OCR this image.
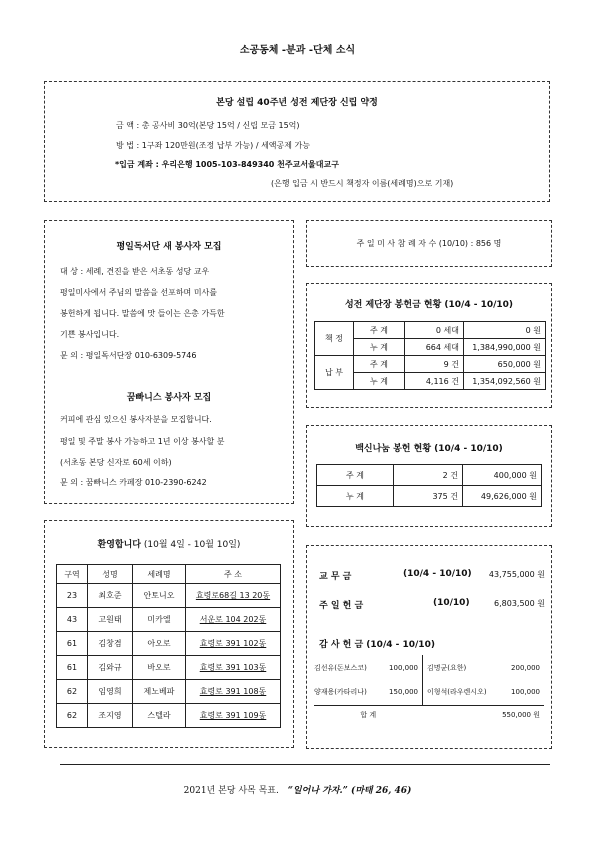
소공동체 -분과 -단체 소식
본당 설립 40주년 성전 제단장 신립 약정
금 액 : 총 공사비 30억(본당 15억 / 신립 모금 15억)
방 법 : 1구좌 120만원(조정 납부 가능) / 세액공제 가능
*입금 계좌 : 우리은행 1005-103-849340 천주교서울대교구
(은행 입금 시 반드시 책정자 이름(세례명)으로 기재)
평일독서단 새 봉사자 모집
대 상 : 세례, 견진을 받은 서초동 성당 교우
평일미사에서 주님의 말씀을 선포하며 미사를
봉헌하게 됩니다. 말씀에 맛 들이는 은총 가득한
기쁜 봉사입니다.
문 의 : 평일독서단장 010-6309-5746
꿈빠니스 봉사자 모집
커피에 관심 있으신 봉사자분을 모집합니다.
평일 및 주말 봉사 가능하고 1년 이상 봉사할 분
(서초동 본당 신자로 60세 이하)
문 의 : 꿈빠니스 카페장 010-2390-6242
주 일 미 사 참 례 자 수 (10/10) : 856 명
성전 제단장 봉헌금 현황 (10/4 - 10/10)
책 정	주 계	0 세대	0 원
	누 계	664 세대	1,384,990,000 원
납 부	주 계	9 건	650,000 원
	누 계	4,116 건	1,354,092,560 원
백신나눔 봉헌 현황 (10/4 - 10/10)
주 계	2 건	400,000 원
누 계	375 건	49,626,000 원
환영합니다 (10월 4일 - 10월 10일)
구역	성명	세례명	주 소
23	최호준	안토니오	효령로68길 13 20동
43	고원태	미카엘	서운로 104 202동
61	김창겸	아오로	효령로 391 102동
61	김와규	바오로	효령로 391 103동
62	임영희	제노베파	효령로 391 108동
62	조지영	스텔라	효령로 391 109동
교 무 금	(10/4 - 10/10)	43,755,000 원
주 일 헌 금	(10/10)	6,803,500 원
감 사 헌 금 (10/4 - 10/10)
김선유(돈보스코)	100,000	김명균(요한)	200,000
양재용(카타리나)	150,000	이형석(라우렌시오)	100,000
합 계		550,000 원	
2021년 본당 사목 목표. “일어나 가자.” (마태 26, 46)
